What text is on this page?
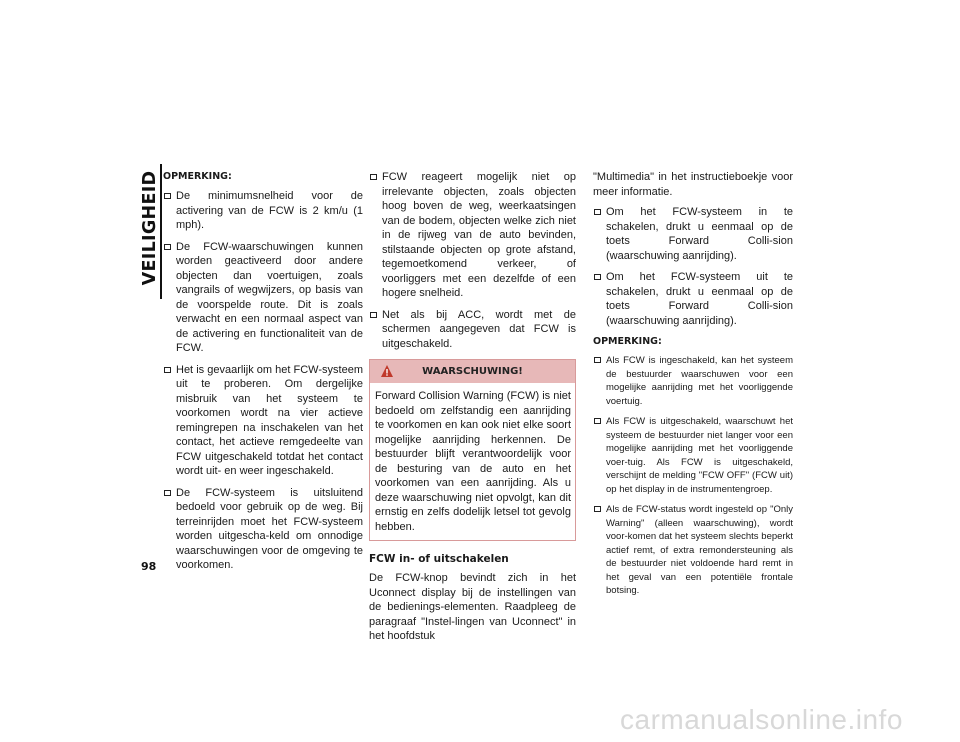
VEILIGHEID
98
OPMERKING:
De minimumsnelheid voor de activering van de FCW is 2 km/u (1 mph).
De FCW-waarschuwingen kunnen worden geactiveerd door andere objecten dan voertuigen, zoals vangrails of wegwijzers, op basis van de voorspelde route. Dit is zoals verwacht en een normaal aspect van de activering en functionaliteit van de FCW.
Het is gevaarlijk om het FCW-systeem uit te proberen. Om dergelijke misbruik van het systeem te voorkomen wordt na vier actieve remingrepen na inschakelen van het contact, het actieve remgedeelte van FCW uitgeschakeld totdat het contact wordt uit- en weer ingeschakeld.
De FCW-systeem is uitsluitend bedoeld voor gebruik op de weg. Bij terreinrijden moet het FCW-systeem worden uitgescha-keld om onnodige waarschuwingen voor de omgeving te voorkomen.
FCW reageert mogelijk niet op irrelevante objecten, zoals objecten hoog boven de weg, weerkaatsingen van de bodem, objecten welke zich niet in de rijweg van de auto bevinden, stilstaande objecten op grote afstand, tegemoetkomend verkeer, of voorliggers met een dezelfde of een hogere snelheid.
Net als bij ACC, wordt met de schermen aangegeven dat FCW is uitgeschakeld.
WAARSCHUWING!
Forward Collision Warning (FCW) is niet bedoeld om zelfstandig een aanrijding te voorkomen en kan ook niet elke soort mogelijke aanrijding herkennen. De bestuurder blijft verantwoordelijk voor de besturing van de auto en het voorkomen van een aanrijding. Als u deze waarschuwing niet opvolgt, kan dit ernstig en zelfs dodelijk letsel tot gevolg hebben.
FCW in- of uitschakelen
De FCW-knop bevindt zich in het Uconnect display bij de instellingen van de bedienings-elementen. Raadpleeg de paragraaf "Instel-lingen van Uconnect" in het hoofdstuk
"Multimedia" in het instructieboekje voor meer informatie.
Om het FCW-systeem in te schakelen, drukt u eenmaal op de toets Forward Colli-sion (waarschuwing aanrijding).
Om het FCW-systeem uit te schakelen, drukt u eenmaal op de toets Forward Colli-sion (waarschuwing aanrijding).
OPMERKING:
Als FCW is ingeschakeld, kan het systeem de bestuurder waarschuwen voor een mogelijke aanrijding met het voorliggende voertuig.
Als FCW is uitgeschakeld, waarschuwt het systeem de bestuurder niet langer voor een mogelijke aanrijding met het voorliggende voer-tuig. Als FCW is uitgeschakeld, verschijnt de melding "FCW OFF" (FCW uit) op het display in de instrumentengroep.
Als de FCW-status wordt ingesteld op "Only Warning" (alleen waarschuwing), wordt voor-komen dat het systeem slechts beperkt actief remt, of extra remondersteuning als de bestuurder niet voldoende hard remt in het geval van een potentiële frontale botsing.
carmanualsonline.info
